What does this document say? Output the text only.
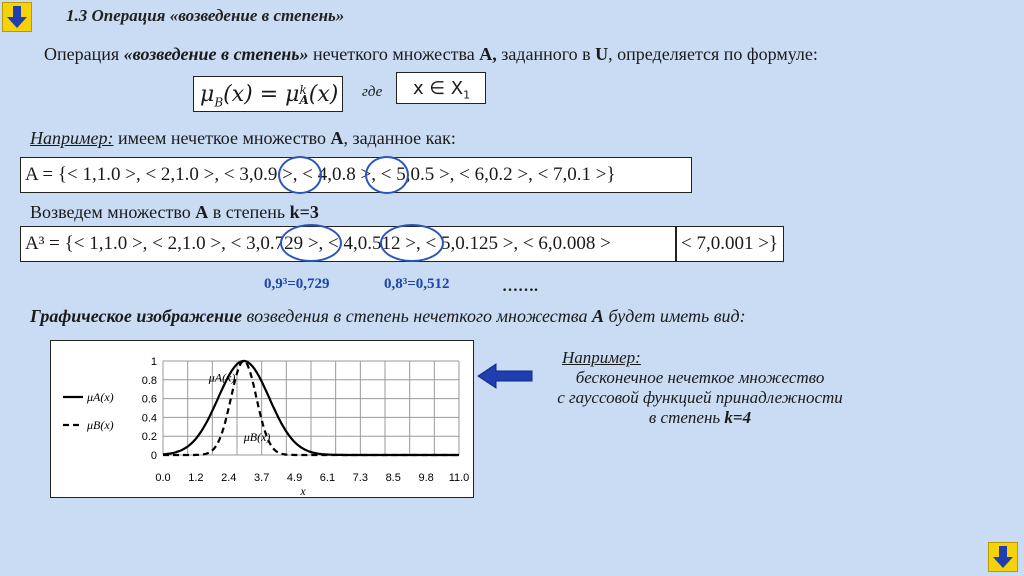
1.3 Операция «возведение в степень»
Операция «возведение в степень» нечеткого множества A, заданного в U, определяется по формуле:
$\mu_B(x) = \mu$ k
A (x) где x ∈ $X_1$
Например: имеем нечеткое множество A, заданное как:
A = {< 1,1.0 >, < 2,1.0 >, < 3,0.9 >, < 4,0.8 >, < 5,0.5 >, < 6,0.2 >, < 7,0.1 >}
Возведем множество A в степень k=3
A³ = {< 1,1.0 >, < 2,1.0 >, < 3,0.729 >, < 4,0.512 >, < 5,0.125 >, < 6,0.008 >	< 7,0.001 >}
0,9³=0,729	0,8³=0,512	…….
Графическое изображение возведения в степень нечеткого множества A будет иметь вид:
0
0.2
0.4
0.6
0.8
1
0.0 1.2 2.4 3.7 4.9 6.1 7.3 8.5 9.8 11.0
x
μA(x)
μB(x)
μA(x)
μB(x)
Например:
бесконечное нечеткое множество
с гауссовой функцией принадлежности
в степень k=4
